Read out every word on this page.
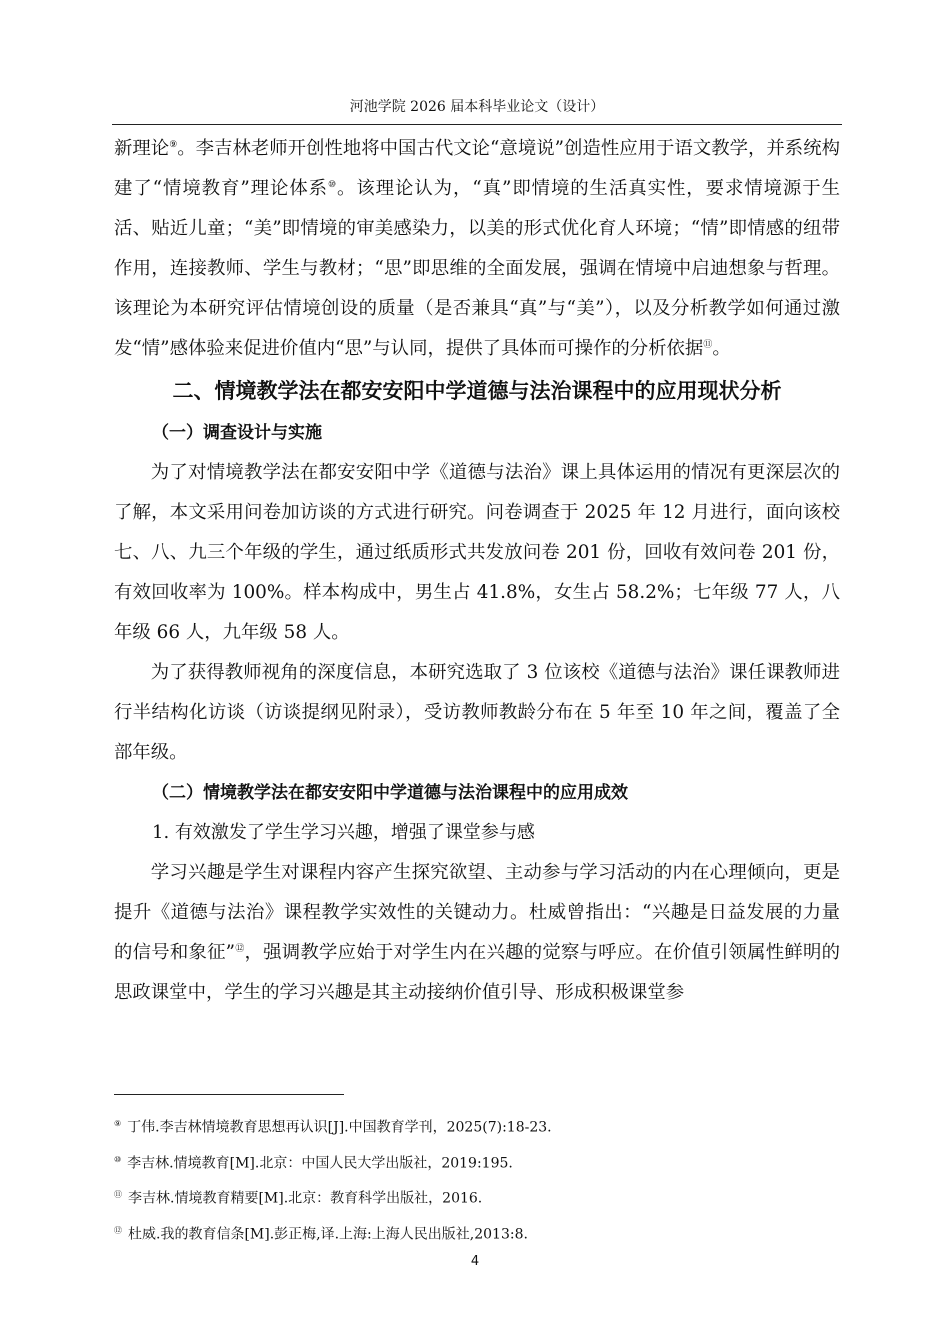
河池学院 2026 届本科毕业论文（设计）

新理论⑨。李吉林老师开创性地将中国古代文论“意境说”创造性应用于语文教学，并系统构建了“情境教育”理论体系⑩。该理论认为，“真”即情境的生活真实性，要求情境源于生活、贴近儿童；“美”即情境的审美感染力，以美的形式优化育人环境；“情”即情感的纽带作用，连接教师、学生与教材；“思”即思维的全面发展，强调在情境中启迪想象与哲理。该理论为本研究评估情境创设的质量（是否兼具“真”与“美”），以及分析教学如何通过激发“情”感体验来促进价值内“思”与认同，提供了具体而可操作的分析依据⑪。

二、情境教学法在都安安阳中学道德与法治课程中的应用现状分析
（一）调查设计与实施

为了对情境教学法在都安安阳中学《道德与法治》课上具体运用的情况有更深层次的了解，本文采用问卷加访谈的方式进行研究。问卷调查于 2025 年 12 月进行，面向该校七、八、九三个年级的学生，通过纸质形式共发放问卷 201 份，回收有效问卷 201 份，有效回收率为 100%。样本构成中，男生占 41.8%，女生占 58.2%；七年级 77 人，八年级 66 人，九年级 58 人。

为了获得教师视角的深度信息，本研究选取了 3 位该校《道德与法治》课任课教师进行半结构化访谈（访谈提纲见附录），受访教师教龄分布在 5 年至 10 年之间，覆盖了全部年级。

（二）情境教学法在都安安阳中学道德与法治课程中的应用成效

1. 有效激发了学生学习兴趣，增强了课堂参与感

学习兴趣是学生对课程内容产生探究欲望、主动参与学习活动的内在心理倾向，更是提升《道德与法治》课程教学实效性的关键动力。杜威曾指出：“兴趣是日益发展的力量的信号和象征”⑫，强调教学应始于对学生内在兴趣的觉察与呼应。在价值引领属性鲜明的思政课堂中，学生的学习兴趣是其主动接纳价值引导、形成积极课堂参

⑨ 丁伟.李吉林情境教育思想再认识[J].中国教育学刊，2025(7):18-23.

⑩ 李吉林.情境教育[M].北京：中国人民大学出版社，2019:195.

⑪ 李吉林.情境教育精要[M].北京：教育科学出版社，2016.

⑫ 杜威.我的教育信条[M].彭正梅,译.上海:上海人民出版社,2013:8.

4
